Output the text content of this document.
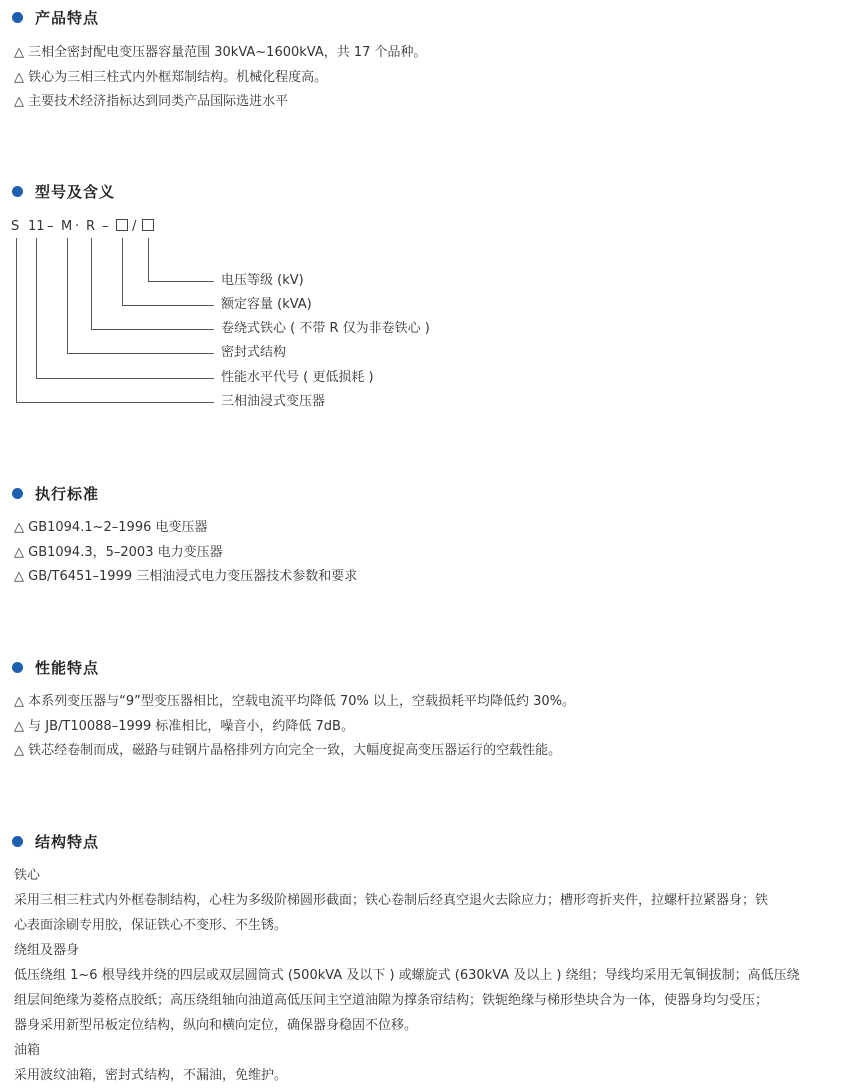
产品特点
△ 三相全密封配电变压器容量范围 30kVA~1600kVA，共 17 个品种。
△ 铁心为三相三柱式内外框郑制结构。机械化程度高。
△ 主要技术经济指标达到同类产品国际选进水平
型号及含义
S 11 – M · R – /
电压等级 (kV)
额定容量 (kVA)
卷绕式铁心 ( 不带 R 仅为非卷铁心 )
密封式结构
性能水平代号 ( 更低损耗 )
三相油浸式变压器
执行标准
△ GB1094.1~2–1996 电变压器
△ GB1094.3，5–2003 电力变压器
△ GB/T6451–1999 三相油浸式电力变压器技术参数和要求
性能特点
△ 本系列变压器与“9”型变压器相比，空载电流平均降低 70% 以上，空载损耗平均降低约 30%。
△ 与 JB/T10088–1999 标准相比，噪音小，约降低 7dB。
△ 铁芯经卷制而成，磁路与硅钢片晶格排列方向完全一致，大幅度捉高变压器运行的空载性能。
结构特点

铁心

采用三相三柱式内外框卷制结构，心柱为多级阶梯圆形截面；铁心卷制后经真空退火去除应力；槽形弯折夹件，拉螺杆拉紧器身；铁

心表面涂刷专用胶，保证铁心不变形、不生锈。

绕组及器身

低压绕组 1~6 根导线并绕的四层或双层圆筒式 (500kVA 及以下 ) 或螺旋式 (630kVA 及以上 ) 绕组；导线均采用无氧铜拔制；高低压绕

组层间绝缘为菱格点胶纸；高压绕组轴向油道高低压间主空道油隙为撑条帘结构；铁轭绝缘与梯形垫块合为一体，使器身均匀受压；

器身采用新型吊板定位结构，纵向和横向定位，确保器身稳固不位移。

油箱

采用波纹油箱，密封式结构，不漏油，免维护。
